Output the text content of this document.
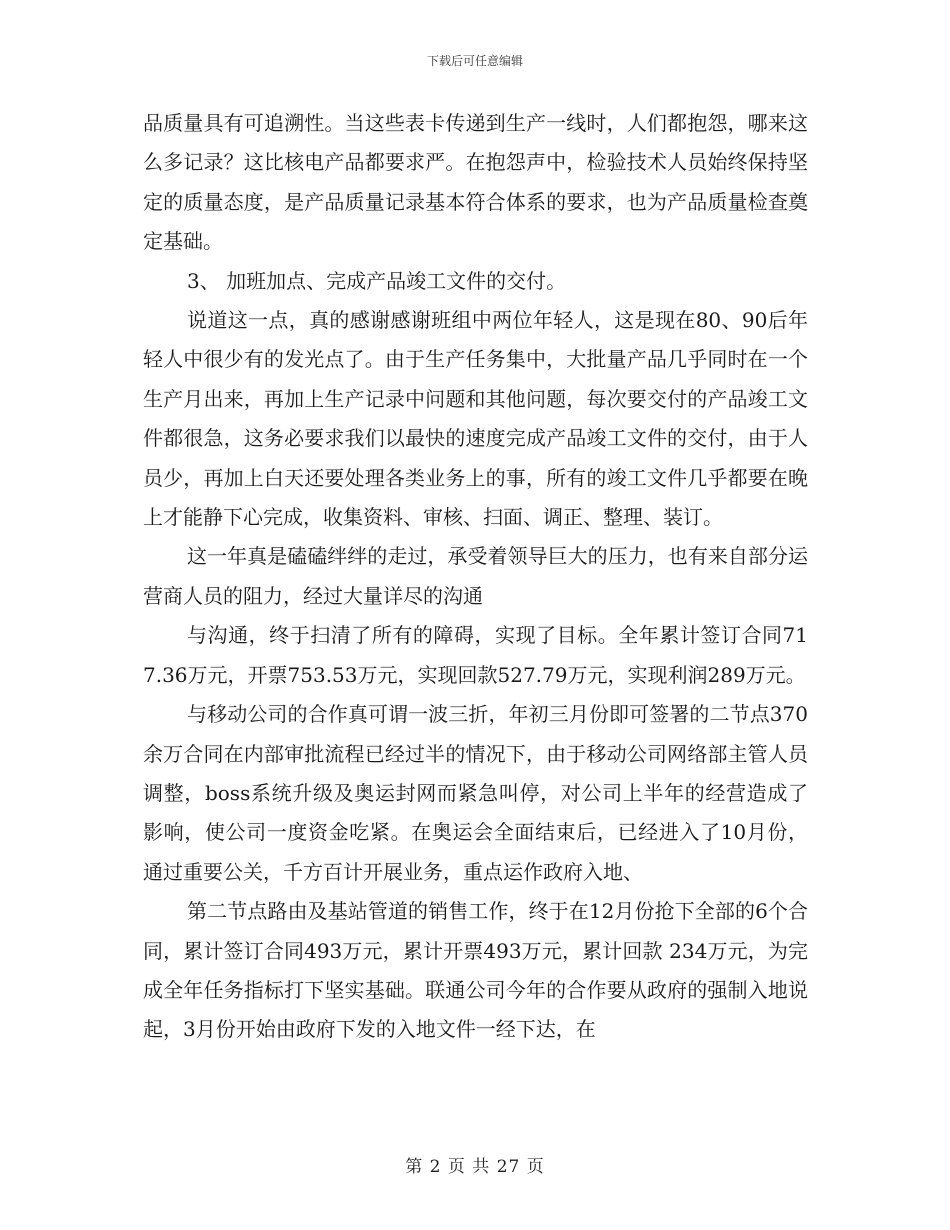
下载后可任意编辑

品质量具有可追溯性。当这些表卡传递到生产一线时，人们都抱怨，哪来这么多记录？这比核电产品都要求严。在抱怨声中，检验技术人员始终保持坚定的质量态度，是产品质量记录基本符合体系的要求，也为产品质量检查奠定基础。

3、 加班加点、完成产品竣工文件的交付。

说道这一点，真的感谢感谢班组中两位年轻人，这是现在80、90后年轻人中很少有的发光点了。由于生产任务集中，大批量产品几乎同时在一个生产月出来，再加上生产记录中问题和其他问题，每次要交付的产品竣工文件都很急，这务必要求我们以最快的速度完成产品竣工文件的交付，由于人员少，再加上白天还要处理各类业务上的事，所有的竣工文件几乎都要在晚上才能静下心完成，收集资料、审核、扫面、调正、整理、装订。

这一年真是磕磕绊绊的走过，承受着领导巨大的压力，也有来自部分运营商人员的阻力，经过大量详尽的沟通

与沟通，终于扫清了所有的障碍，实现了目标。全年累计签订合同717.36万元，开票753.53万元，实现回款527.79万元，实现利润289万元。

与移动公司的合作真可谓一波三折，年初三月份即可签署的二节点370余万合同在内部审批流程已经过半的情况下，由于移动公司网络部主管人员调整，boss系统升级及奥运封网而紧急叫停，对公司上半年的经营造成了影响，使公司一度资金吃紧。在奥运会全面结束后，已经进入了10月份，通过重要公关，千方百计开展业务，重点运作政府入地、

第二节点路由及基站管道的销售工作，终于在12月份抢下全部的6个合同，累计签订合同493万元，累计开票493万元，累计回款 234万元，为完成全年任务指标打下坚实基础。联通公司今年的合作要从政府的强制入地说起，3月份开始由政府下发的入地文件一经下达，在

第 2 页 共 27 页
